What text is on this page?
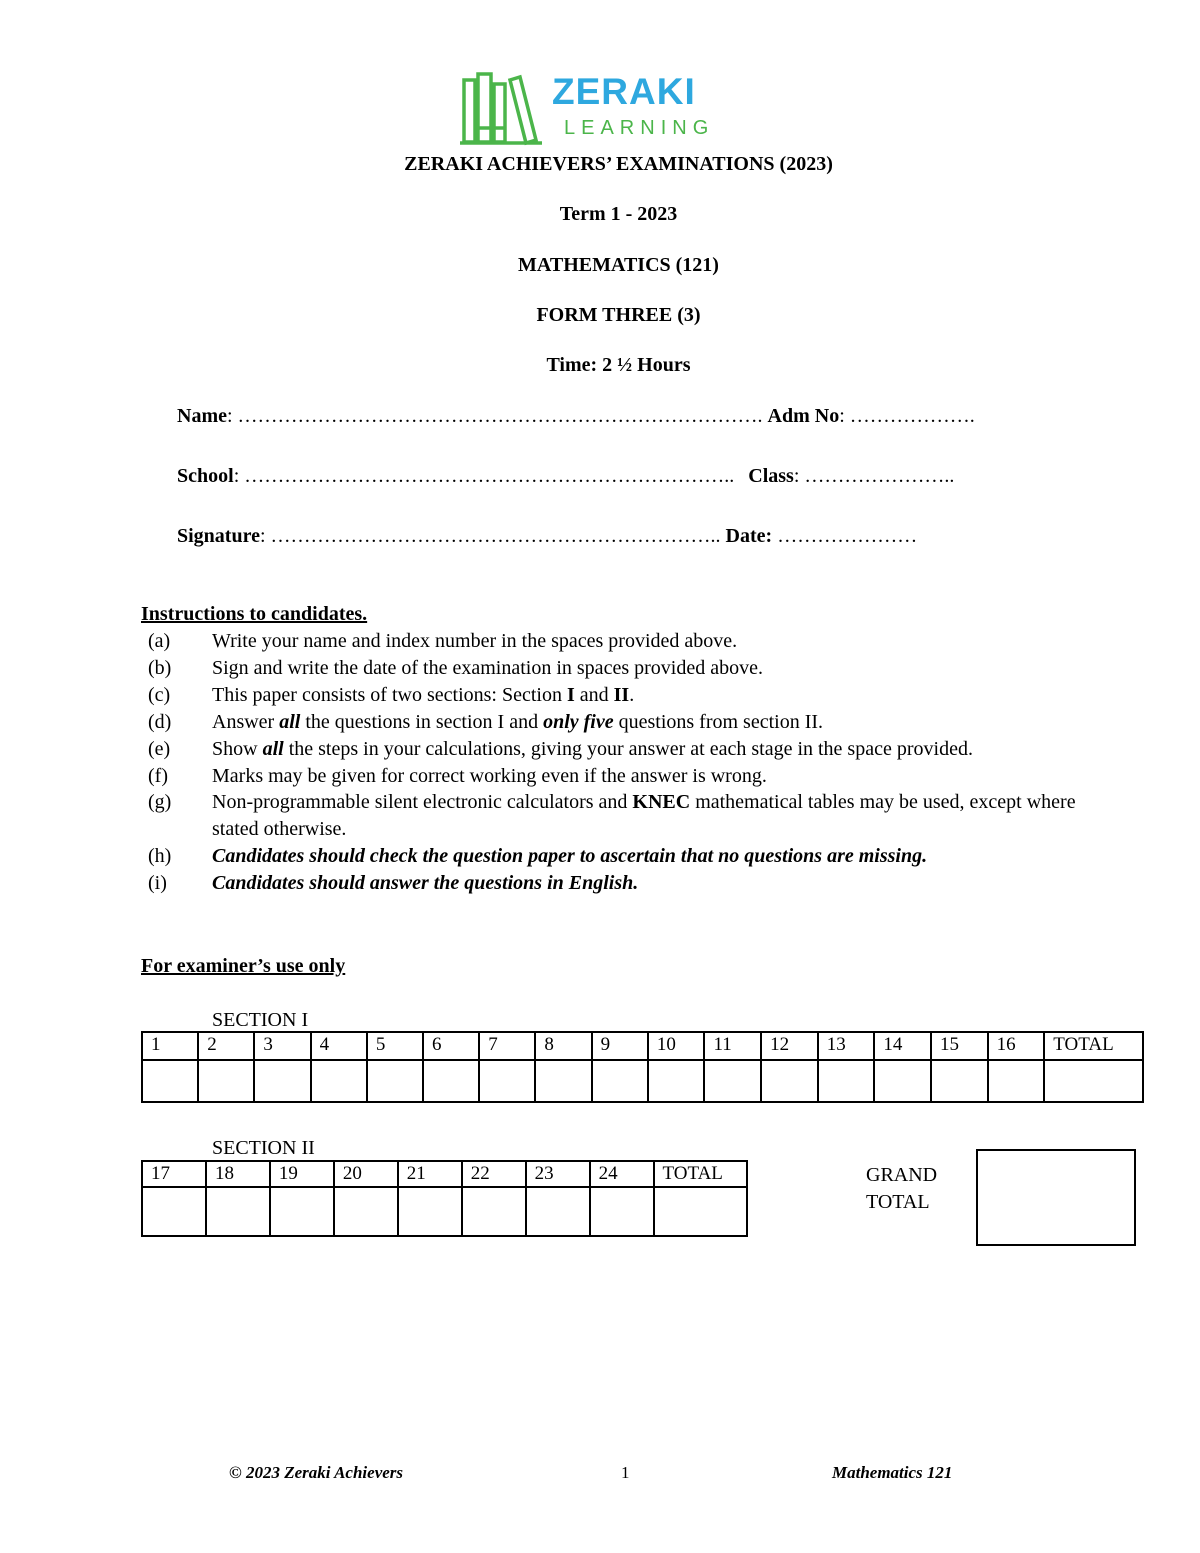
ZERAKI
LEARNING
ZERAKI ACHIEVERS’ EXAMINATIONS (2023)
Term 1 - 2023
MATHEMATICS (121)
FORM THREE (3)
Time: 2 ½ Hours
Name: ……………………………………………………………………. Adm No: ……………….
School: ……………………………………………………………….. Class: …………………..
Signature: ………………………………………………………….. Date: …………………
Instructions to candidates.
(a)	Write your name and index number in the spaces provided above.
(b)	Sign and write the date of the examination in spaces provided above.
(c)	This paper consists of two sections: Section I and II.
(d)	Answer all the questions in section I and only five questions from section II.
(e)	Show all the steps in your calculations, giving your answer at each stage in the space provided.
(f)	Marks may be given for correct working even if the answer is wrong.
(g)	Non-programmable silent electronic calculators and KNEC mathematical tables may be used, except where stated otherwise.
(h)	Candidates should check the question paper to ascertain that no questions are missing.
(i)	Candidates should answer the questions in English.
For examiner’s use only
SECTION I
1	2	3	4	5	6	7	8	9	10	11	12	13	14	15	16	TOTAL

SECTION II
17	18	19	20	21	22	23	24	TOTAL
									GRAND
TOTAL
© 2023 Zeraki Achievers	1	Mathematics 121
